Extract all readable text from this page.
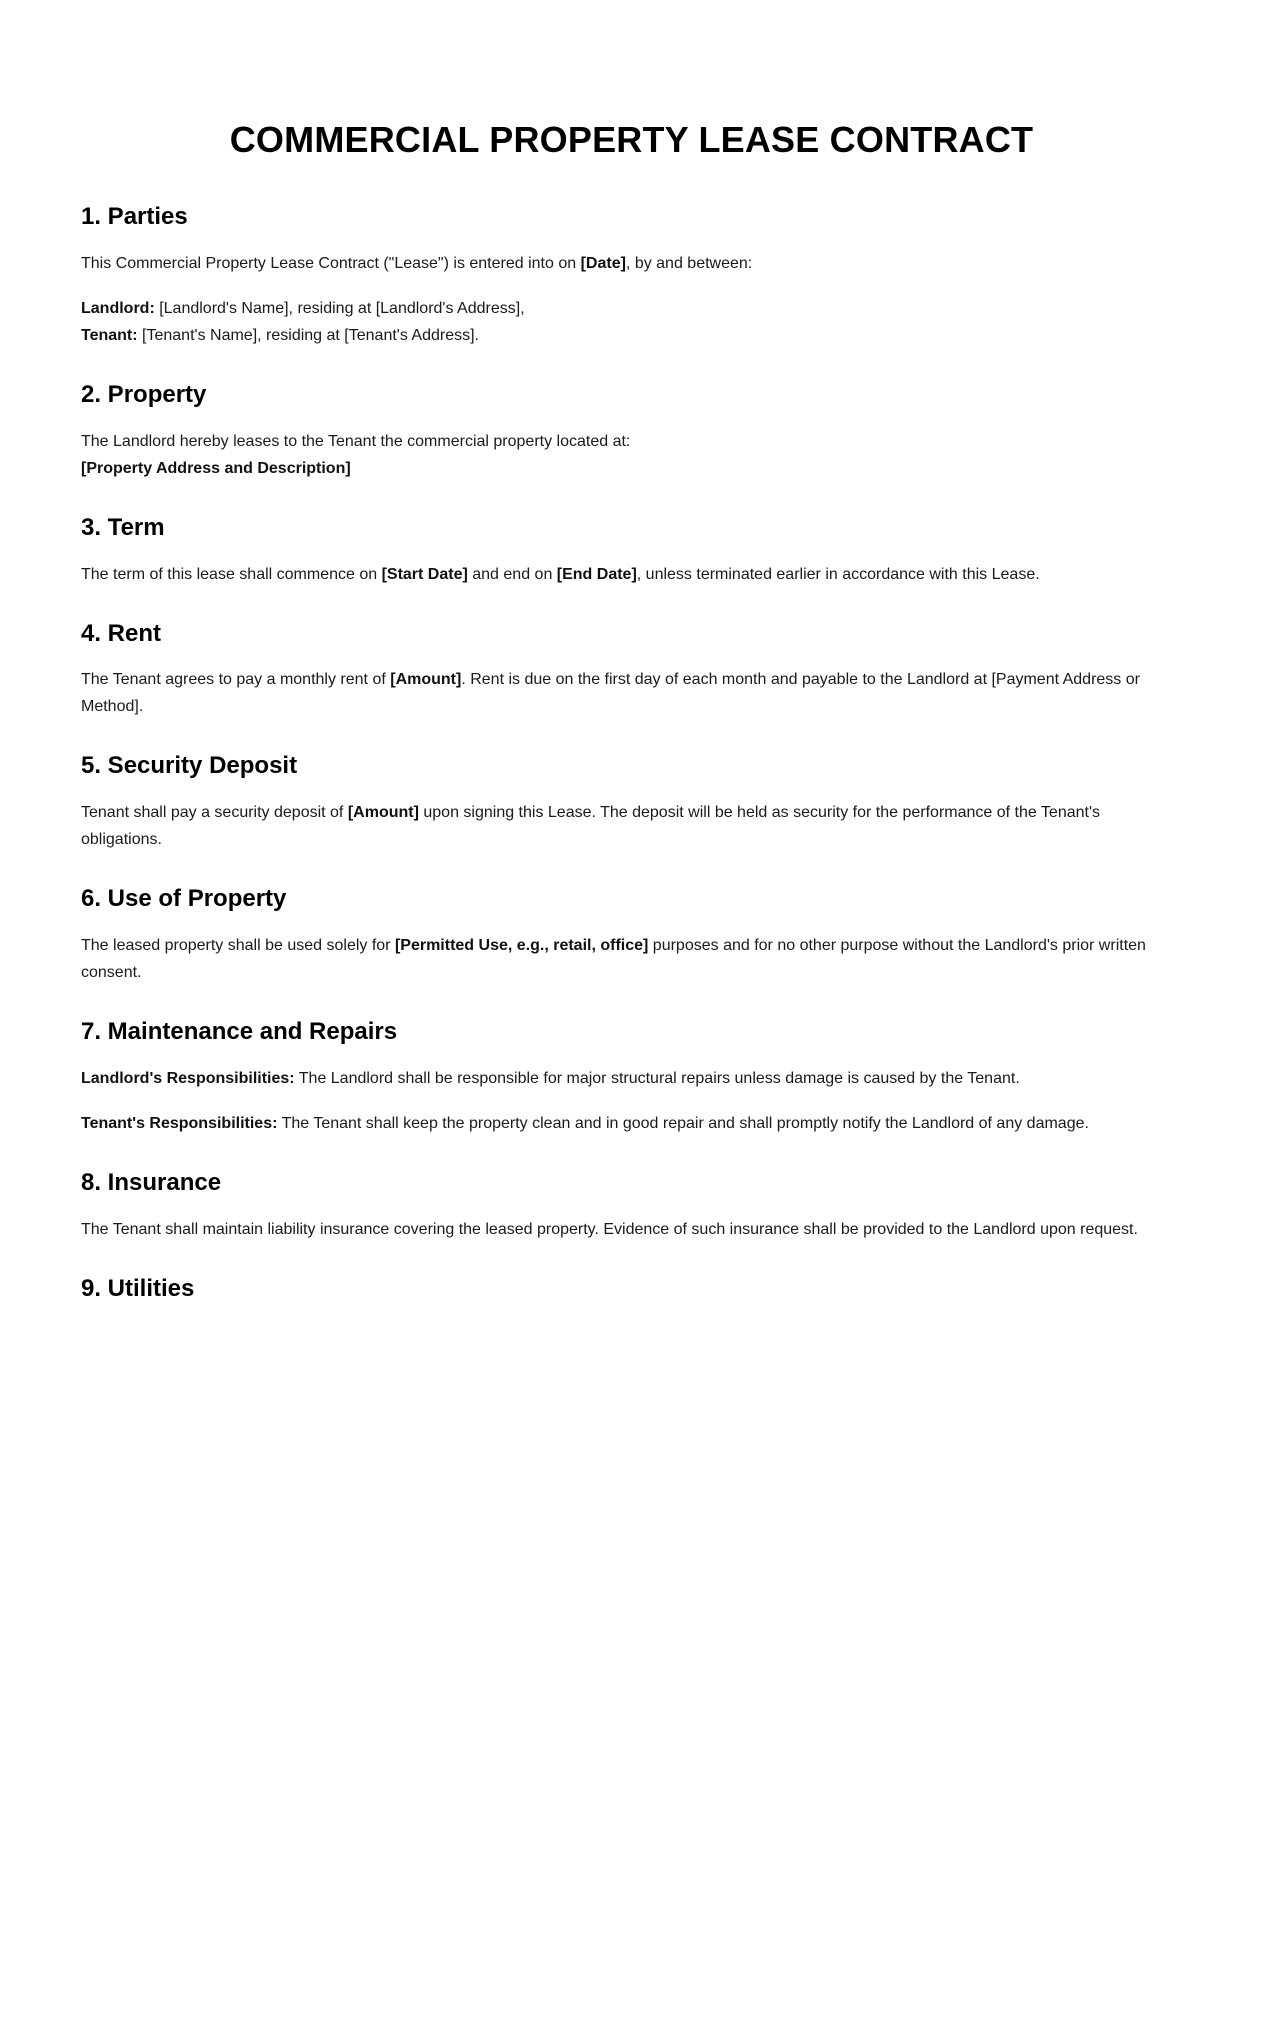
COMMERCIAL PROPERTY LEASE CONTRACT
1. Parties

This Commercial Property Lease Contract ("Lease") is entered into on [Date], by and between:

Landlord: [Landlord's Name], residing at [Landlord's Address],
Tenant: [Tenant's Name], residing at [Tenant's Address].

2. Property

The Landlord hereby leases to the Tenant the commercial property located at:
[Property Address and Description]

3. Term

The term of this lease shall commence on [Start Date] and end on [End Date], unless terminated earlier in accordance with this Lease.

4. Rent

The Tenant agrees to pay a monthly rent of [Amount]. Rent is due on the first day of each month and payable to the Landlord at [Payment Address or Method].

5. Security Deposit

Tenant shall pay a security deposit of [Amount] upon signing this Lease. The deposit will be held as security for the performance of the Tenant's obligations.

6. Use of Property

The leased property shall be used solely for [Permitted Use, e.g., retail, office] purposes and for no other purpose without the Landlord's prior written consent.

7. Maintenance and Repairs

Landlord's Responsibilities: The Landlord shall be responsible for major structural repairs unless damage is caused by the Tenant.

Tenant's Responsibilities: The Tenant shall keep the property clean and in good repair and shall promptly notify the Landlord of any damage.

8. Insurance

The Tenant shall maintain liability insurance covering the leased property. Evidence of such insurance shall be provided to the Landlord upon request.

9. Utilities
